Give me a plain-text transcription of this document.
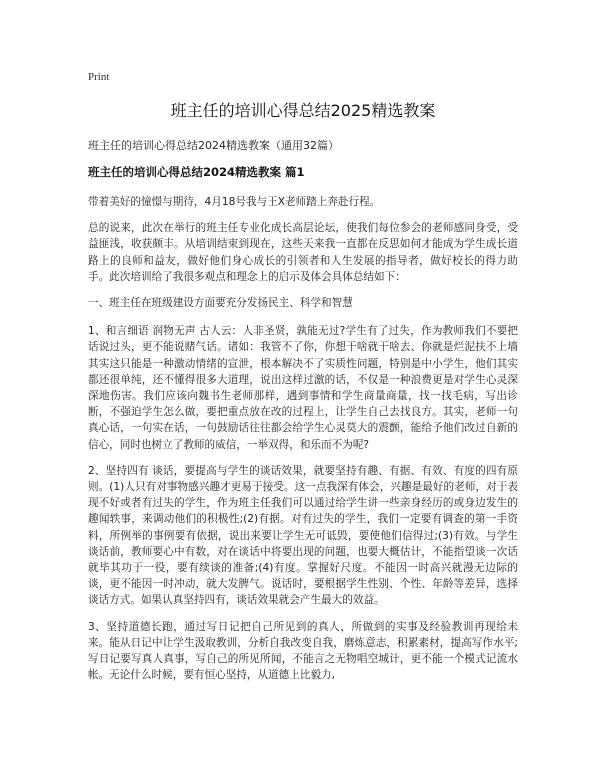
Print
班主任的培训心得总结2025精选教案
班主任的培训心得总结2024精选教案（通用32篇）
班主任的培训心得总结2024精选教案 篇1

带着美好的憧憬与期待，4月18号我与王X老师踏上奔赴行程。

总的说来，此次在举行的班主任专业化成长高层论坛，使我们每位参会的老师感同身受，受益匪浅，收获颇丰。从培训结束到现在，这些天来我一直都在反思如何才能成为学生成长道路上的良师和益友，做好他们身心成长的引领者和人生发展的指导者，做好校长的得力助手。此次培训给了我很多观点和理念上的启示及体会具体总结如下：

一、班主任在班级建设方面要充分发扬民主、科学和智慧

1、和言细语 润物无声 古人云：人非圣贤，孰能无过?学生有了过失，作为教师我们不要把话说过头，更不能说赌气话。诸如：我管不了你，你想干啥就干啥去、你就是烂泥扶不上墙其实这只能是一种激动情绪的宣泄，根本解决不了实质性问题，特别是中小学生，他们其实都还很单纯，还不懂得很多大道理，说出这样过激的话，不仅是一种浪费更是对学生心灵深深地伤害。我们应该向魏书生老师那样，遇到事情和学生商量商量，找一找毛病，写出诊断，不强迫学生怎么做，要把重点放在改的过程上，让学生自己去找良方。其实，老师一句真心话，一句实在话，一句鼓励话往往都会给学生心灵莫大的震颤，能给予他们改过自新的信心，同时也树立了教师的威信，一举双得，和乐而不为呢?

2、坚持四有 谈话，要提高与学生的谈话效果，就要坚持有趣、有据、有效、有度的四有原则。(1)人只有对事物感兴趣才更易于接受。这一点我深有体会，兴趣是最好的老师，对于表现不好或者有过失的学生，作为班主任我们可以通过给学生讲一些亲身经历的或身边发生的趣闻轶事，来调动他们的积极性;(2)有据。对有过失的学生，我们一定要有调查的第一手资料，所例举的事例要有依据，说出来要让学生无可诋毁，要使他们信得过;(3)有效。与学生谈话前，教师要心中有数，对在谈话中将要出现的问题，也要大概估计，不能指望谈一次话就毕其功于一役，要有续谈的准备;(4)有度。掌握好尺度。不能因一时高兴就漫无边际的谈，更不能因一时冲动，就大发脾气。说话时，要根据学生性别、个性、年龄等差异，选择谈话方式。如果认真坚持四有，谈话效果就会产生最大的效益。

3、坚持道德长跑，通过写日记把自己所见到的真人，所做到的实事及经验教训再现给未来。能从日记中让学生汲取教训，分析自我改变自我，磨炼意志，积累素材，提高写作水平;写日记要写真人真事，写自己的所见所闻，不能言之无物唱空城计，更不能一个模式记流水帐。无论什么时候，要有恒心坚持，从道德上比毅力,
